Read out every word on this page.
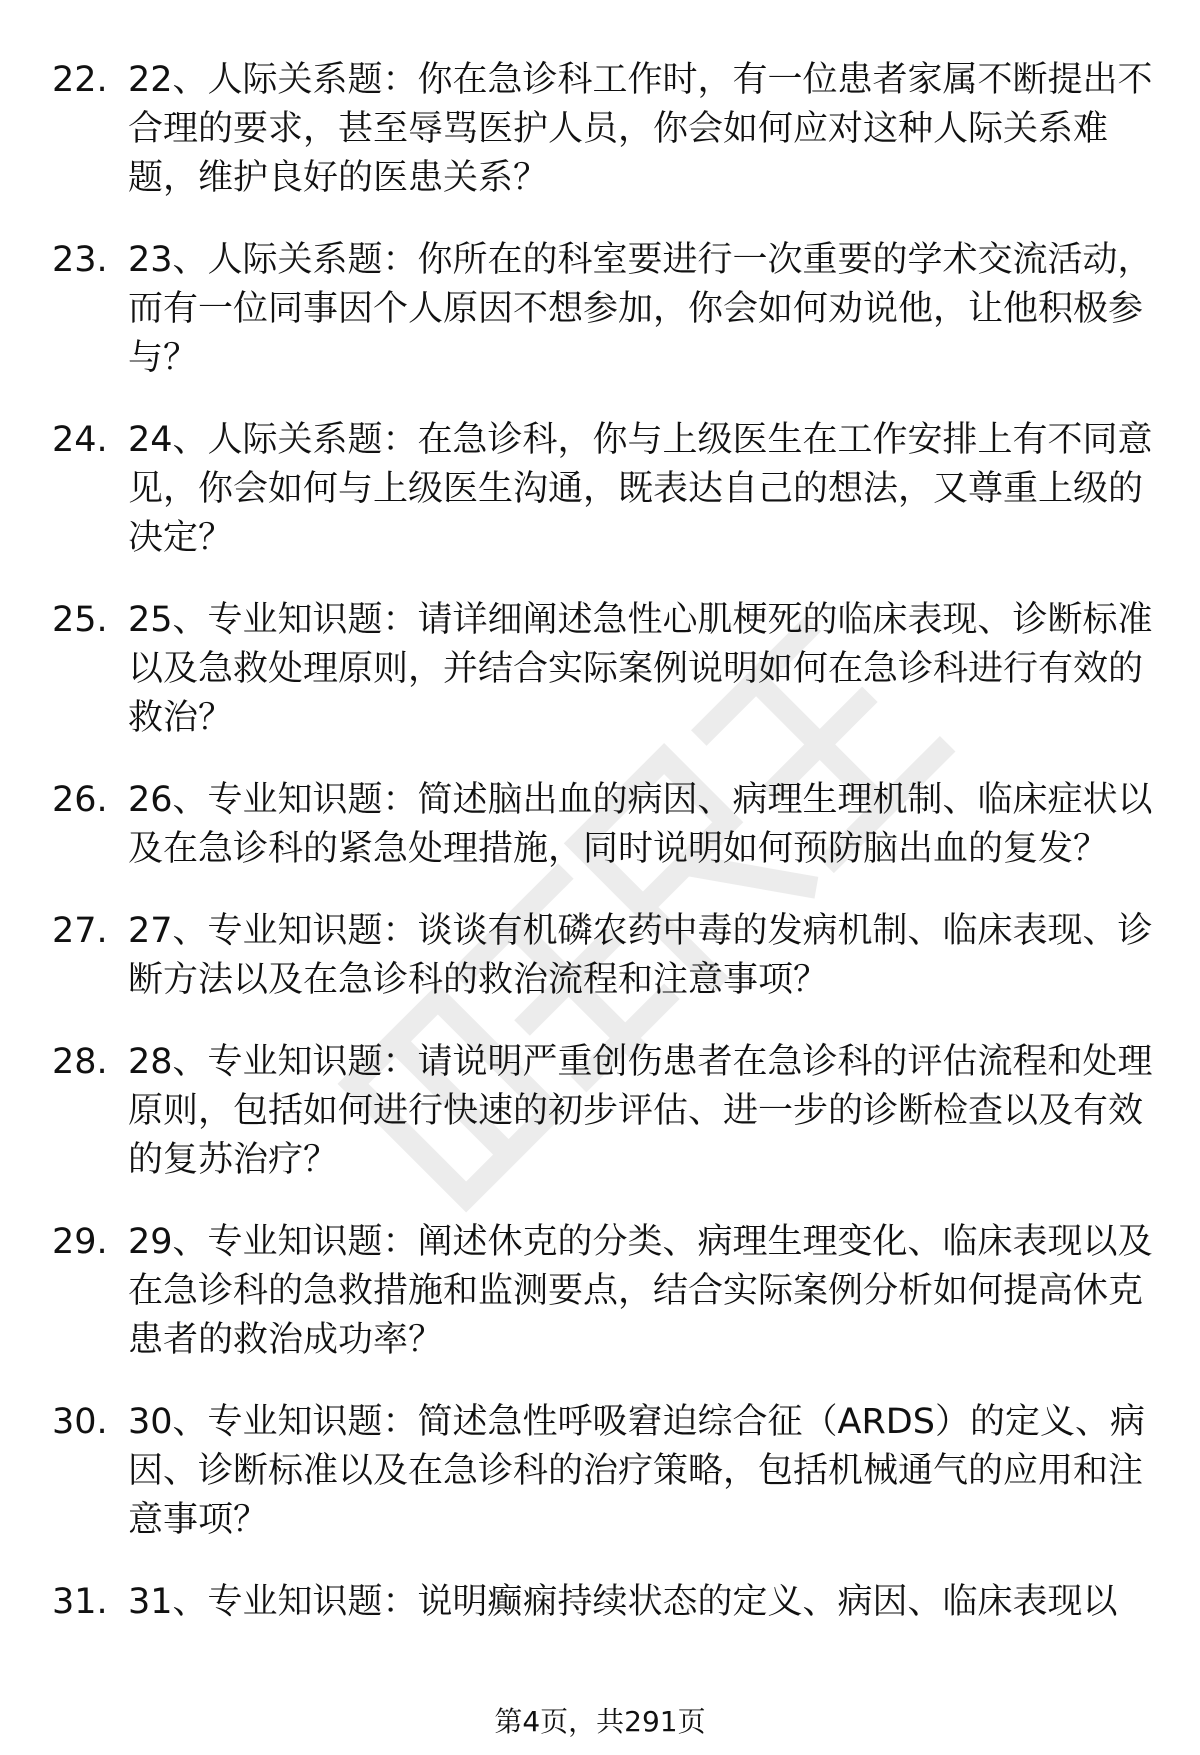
22. 22、人际关系题：你在急诊科工作时，有一位患者家属不断提出不合理的要求，甚至辱骂医护人员，你会如何应对这种人际关系难题，维护良好的医患关系？
23. 23、人际关系题：你所在的科室要进行一次重要的学术交流活动，而有一位同事因个人原因不想参加，你会如何劝说他，让他积极参与？
24. 24、人际关系题：在急诊科，你与上级医生在工作安排上有不同意见，你会如何与上级医生沟通，既表达自己的想法，又尊重上级的决定？
25. 25、专业知识题：请详细阐述急性心肌梗死的临床表现、诊断标准以及急救处理原则，并结合实际案例说明如何在急诊科进行有效的救治？
26. 26、专业知识题：简述脑出血的病因、病理生理机制、临床症状以及在急诊科的紧急处理措施，同时说明如何预防脑出血的复发？
27. 27、专业知识题：谈谈有机磷农药中毒的发病机制、临床表现、诊断方法以及在急诊科的救治流程和注意事项？
28. 28、专业知识题：请说明严重创伤患者在急诊科的评估流程和处理原则，包括如何进行快速的初步评估、进一步的诊断检查以及有效的复苏治疗？
29. 29、专业知识题：阐述休克的分类、病理生理变化、临床表现以及在急诊科的急救措施和监测要点，结合实际案例分析如何提高休克患者的救治成功率？
30. 30、专业知识题：简述急性呼吸窘迫综合征（ARDS）的定义、病因、诊断标准以及在急诊科的治疗策略，包括机械通气的应用和注意事项？
31. 31、专业知识题：说明癫痫持续状态的定义、病因、临床表现以
第4页，共291页
